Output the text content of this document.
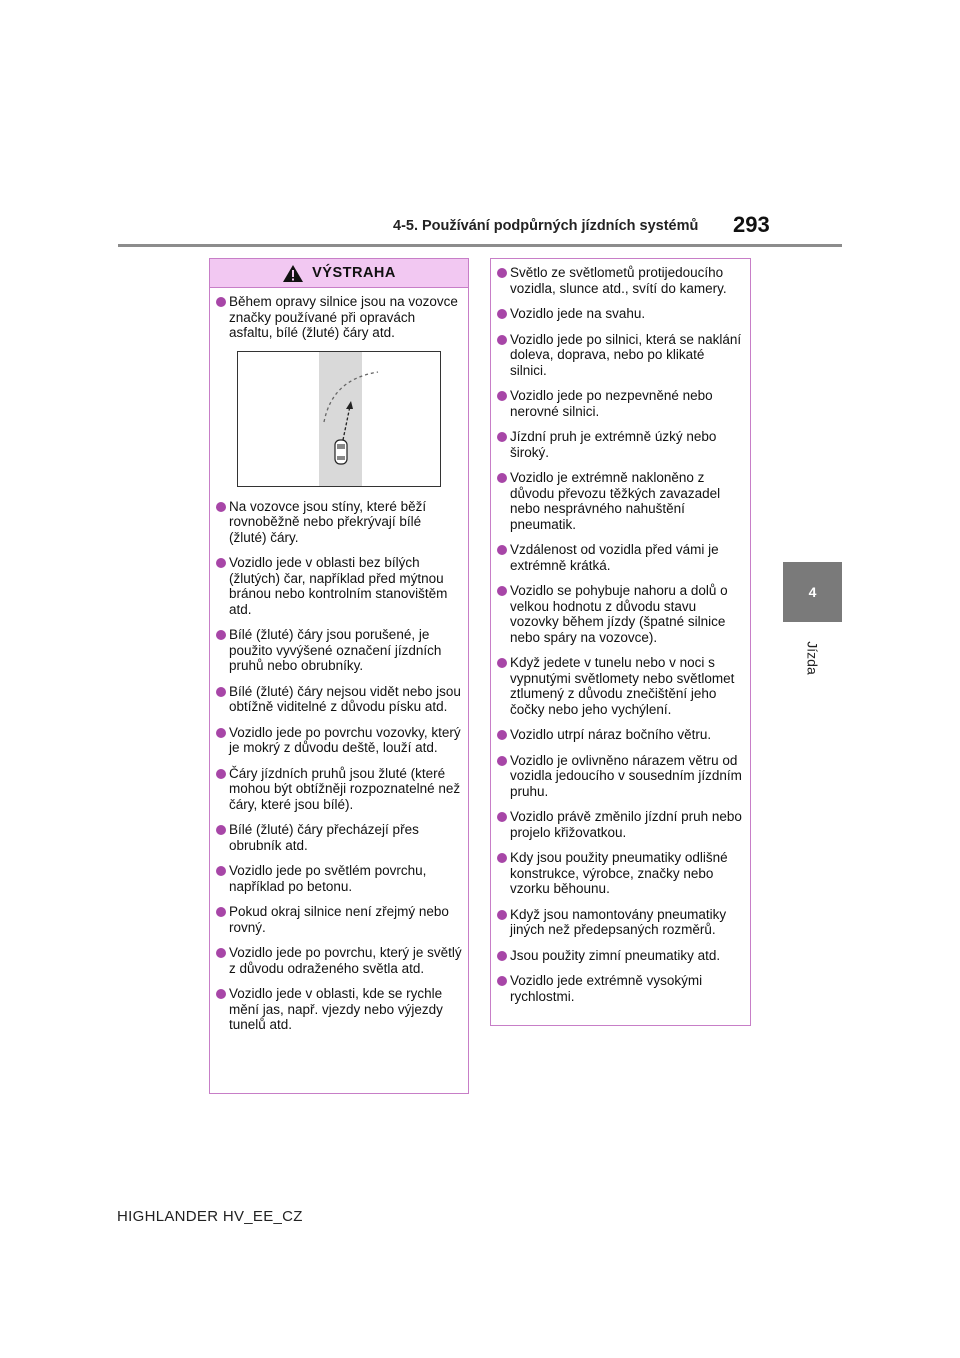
4-5. Používání podpůrných jízdních systémů 293
4
Jízda
VÝSTRAHA
Během opravy silnice jsou na vozovce značky používané při opravách asfaltu, bílé (žluté) čáry atd.
Na vozovce jsou stíny, které běží rovnoběžně nebo překrývají bílé (žluté) čáry.
Vozidlo jede v oblasti bez bílých (žlutých) čar, například před mýtnou bránou nebo kontrolním stanovištěm atd.
Bílé (žluté) čáry jsou porušené, je použito vyvýšené označení jízdních pruhů nebo obrubníky.
Bílé (žluté) čáry nejsou vidět nebo jsou obtížně viditelné z důvodu písku atd.
Vozidlo jede po povrchu vozovky, který je mokrý z důvodu deště, louží atd.
Čáry jízdních pruhů jsou žluté (které mohou být obtížněji rozpoznatelné než čáry, které jsou bílé).
Bílé (žluté) čáry přecházejí přes obrubník atd.
Vozidlo jede po světlém povrchu, například po betonu.
Pokud okraj silnice není zřejmý nebo rovný.
Vozidlo jede po povrchu, který je světlý z důvodu odraženého světla atd.
Vozidlo jede v oblasti, kde se rychle mění jas, např. vjezdy nebo výjezdy tunelů atd.
Světlo ze světlometů protijedoucího vozidla, slunce atd., svítí do kamery.
Vozidlo jede na svahu.
Vozidlo jede po silnici, která se naklání doleva, doprava, nebo po klikaté silnici.
Vozidlo jede po nezpevněné nebo nerovné silnici.
Jízdní pruh je extrémně úzký nebo široký.
Vozidlo je extrémně nakloněno z důvodu převozu těžkých zavazadel nebo nesprávného nahuštění pneumatik.
Vzdálenost od vozidla před vámi je extrémně krátká.
Vozidlo se pohybuje nahoru a dolů o velkou hodnotu z důvodu stavu vozovky během jízdy (špatné silnice nebo spáry na vozovce).
Když jedete v tunelu nebo v noci s vypnutými světlomety nebo světlomet ztlumený z důvodu znečištění jeho čočky nebo jeho vychýlení.
Vozidlo utrpí náraz bočního větru.
Vozidlo je ovlivněno nárazem větru od vozidla jedoucího v sousedním jízdním pruhu.
Vozidlo právě změnilo jízdní pruh nebo projelo křižovatkou.
Kdy jsou použity pneumatiky odlišné konstrukce, výrobce, značky nebo vzorku běhounu.
Když jsou namontovány pneumatiky jiných než předepsaných rozměrů.
Jsou použity zimní pneumatiky atd.
Vozidlo jede extrémně vysokými rychlostmi.
HIGHLANDER HV_EE_CZ
